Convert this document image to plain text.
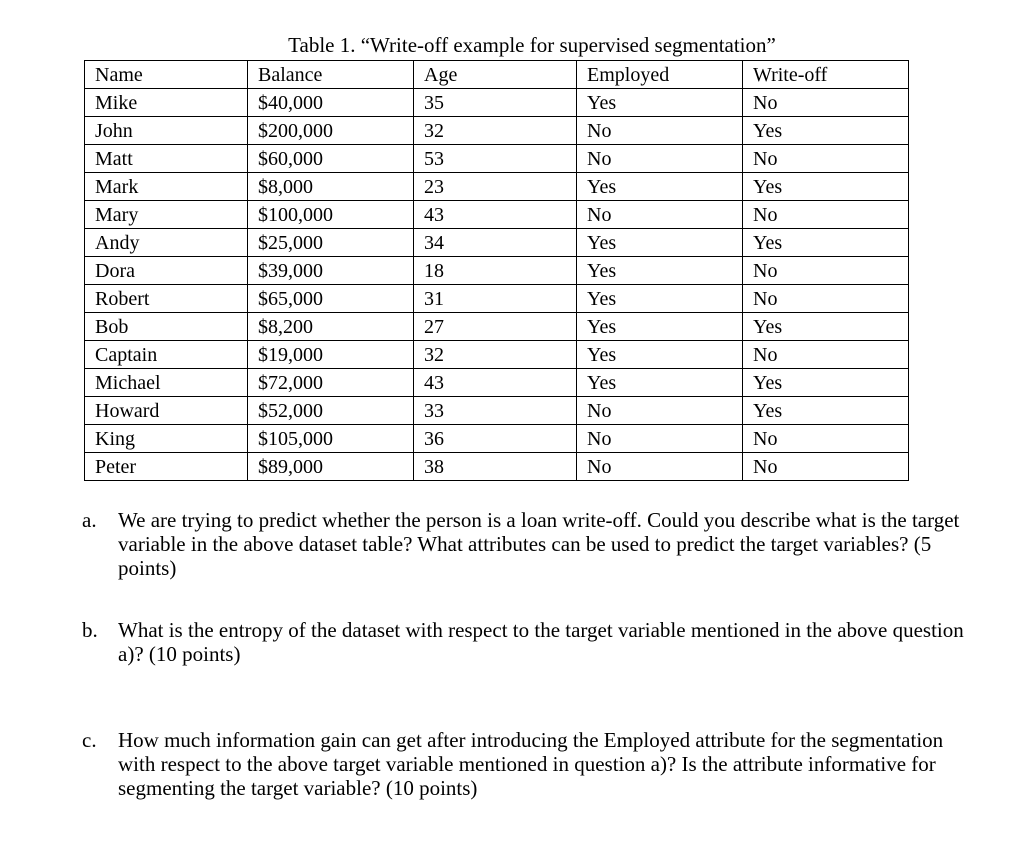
Table 1. “Write-off example for supervised segmentation”
Name	Balance	Age	Employed	Write-off
Mike	$40,000	35	Yes	No
John	$200,000	32	No	Yes
Matt	$60,000	53	No	No
Mark	$8,000	23	Yes	Yes
Mary	$100,000	43	No	No
Andy	$25,000	34	Yes	Yes
Dora	$39,000	18	Yes	No
Robert	$65,000	31	Yes	No
Bob	$8,200	27	Yes	Yes
Captain	$19,000	32	Yes	No
Michael	$72,000	43	Yes	Yes
Howard	$52,000	33	No	Yes
King	$105,000	36	No	No
Peter	$89,000	38	No	No
a.	We are trying to predict whether the person is a loan write-off. Could you describe what is the target variable in the above dataset table? What attributes can be used to predict the target variables? (5 points)
b. What is the entropy of the dataset with respect to the target variable mentioned in the above question a)? (10 points)
c.	How much information gain can get after introducing the Employed attribute for the segmentation with respect to the above target variable mentioned in question a)? Is the attribute informative for segmenting the target variable? (10 points)
